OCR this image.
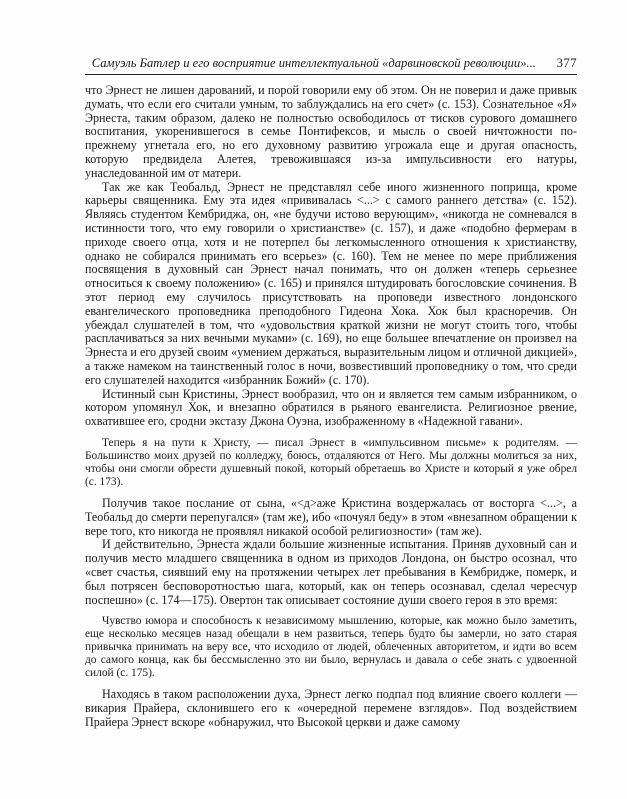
Самуэль Батлер и его восприятие интеллектуальной «дарвиновской революции»...	377

что Эрнест не лишен дарований, и порой говорили ему об этом. Он не поверил и даже привык думать, что если его считали умным, то заблуждались на его счет» (с. 153). Сознательное «Я» Эрнеста, таким образом, далеко не полностью освободилось от тисков сурового домашнего воспитания, укоренившегося в семье Понтифексов, и мысль о своей ничтожности по-прежнему угнетала его, но его духовному развитию угрожала еще и другая опасность, которую предвидела Алетея, тревожившаяся из-за импульсивности его натуры, унаследованной им от матери.

Так же как Теобальд, Эрнест не представлял себе иного жизненного поприща, кроме карьеры священника. Ему эта идея «прививалась <...> с самого раннего детства» (с. 152). Являясь студентом Кембриджа, он, «не будучи истово верующим», «никогда не сомневался в истинности того, что ему говорили о христианстве» (с. 157), и даже «подобно фермерам в приходе своего отца, хотя и не потерпел бы легкомысленного отношения к христианству, однако не собирался принимать его всерьез» (с. 160). Тем не менее по мере приближения посвящения в духовный сан Эрнест начал понимать, что он должен «теперь серьезнее относиться к своему положению» (с. 165) и принялся штудировать богословские сочинения. В этот период ему случилось присутствовать на проповеди известного лондонского евангелического проповедника преподобного Гидеона Хока. Хок был красноречив. Он убеждал слушателей в том, что «удовольствия краткой жизни не могут стоить того, чтобы расплачиваться за них вечными муками» (с. 169), но еще большее впечатление он произвел на Эрнеста и его друзей своим «умением держаться, выразительным лицом и отличной дикцией», а также намеком на таинственный голос в ночи, возвестивший проповеднику о том, что среди его слушателей находится «избранник Божий» (с. 170).

Истинный сын Кристины, Эрнест вообразил, что он и является тем самым избранником, о котором упомянул Хок, и внезапно обратился в рьяного евангелиста. Религиозное рвение, охватившее его, сродни экстазу Джона Оуэна, изображенному в «Надежной гавани».

Теперь я на пути к Христу, — писал Эрнест в «импульсивном письме» к родителям. — Большинство моих друзей по колледжу, боюсь, отдаляются от Него. Мы должны молиться за них, чтобы они смогли обрести душевный покой, который обретаешь во Христе и который я уже обрел (с. 173).

Получив такое послание от сына, «<д>аже Кристина воздержалась от восторга <...>, а Теобальд до смерти перепугался» (там же), ибо «почуял беду» в этом «внезапном обращении к вере того, кто никогда не проявлял никакой особой религиозности» (там же).

И действительно, Эрнеста ждали большие жизненные испытания. Приняв духовный сан и получив место младшего священника в одном из приходов Лондона, он быстро осознал, что «свет счастья, сиявший ему на протяжении четырех лет пребывания в Кембридже, померк, и был потрясен бесповоротностью шага, который, как он теперь осознавал, сделал чересчур поспешно» (с. 174—175). Овертон так описывает состояние души своего героя в это время:

Чувство юмора и способность к независимому мышлению, которые, как можно было заметить, еще несколько месяцев назад обещали в нем развиться, теперь будто бы замерли, но зато старая привычка принимать на веру все, что исходило от людей, облеченных авторитетом, и идти во всем до самого конца, как бы бессмысленно это ни было, вернулась и давала о себе знать с удвоенной силой (с. 175).

Находясь в таком расположении духа, Эрнест легко подпал под влияние своего коллеги — викария Прайера, склонившего его к «очередной перемене взглядов». Под воздействием Прайера Эрнест вскоре «обнаружил, что Высокой церкви и даже самому
